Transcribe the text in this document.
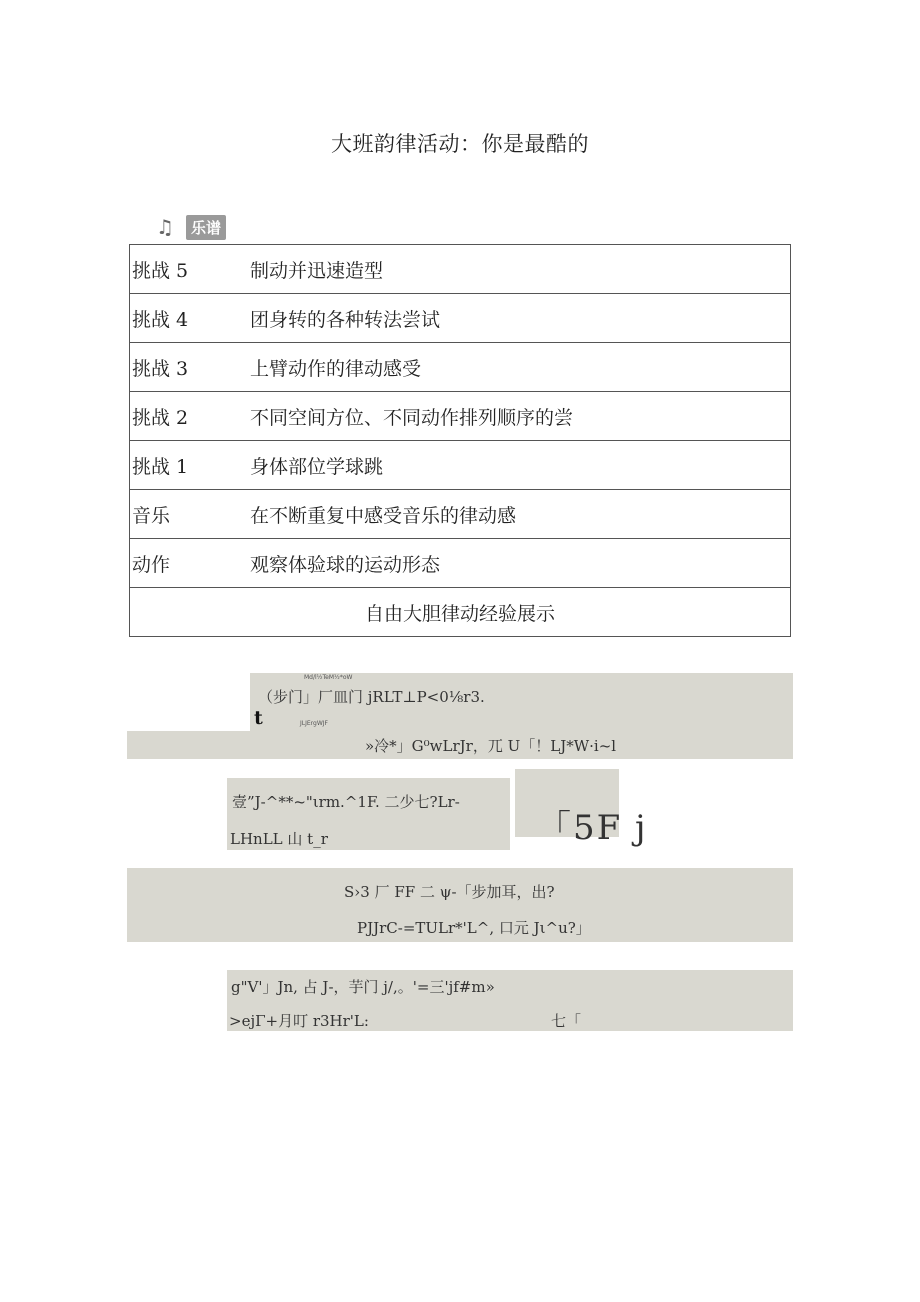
大班韵律活动：你是最酷的
♫	乐谱
挑战 5	制动并迅速造型
挑战 4	团身转的各种转法尝试
挑战 3	上臂动作的律动感受
挑战 2	不同空间方位、不同动作排列顺序的尝
挑战 1	身体部位学球跳
音乐	在不断重复中感受音乐的律动感
动作	观察体验球的运动形态
自由大胆律动经验展示
Md/l½TeM½*oW
（步门」厂皿门 jRLT⊥P<0⅛r3.
t	JLJErgWJF
»冷*」G⁰wLrJr，兀 U「！LJ*W·i~l
壹”J-^**~"ιrm.^1F. 二少七?Lr-
LHnLL 山 t_r	「5F j
S›3 厂 FF 二 ψ-「步加耳，出?
PJJrC-=TULr*'L^, 口元 Jι^u?」
g"V'」Jn, 占 J-，芋门 j/,。'=三'jf#m»
>ejΓ+月叮 r3Hr'L:	七「
